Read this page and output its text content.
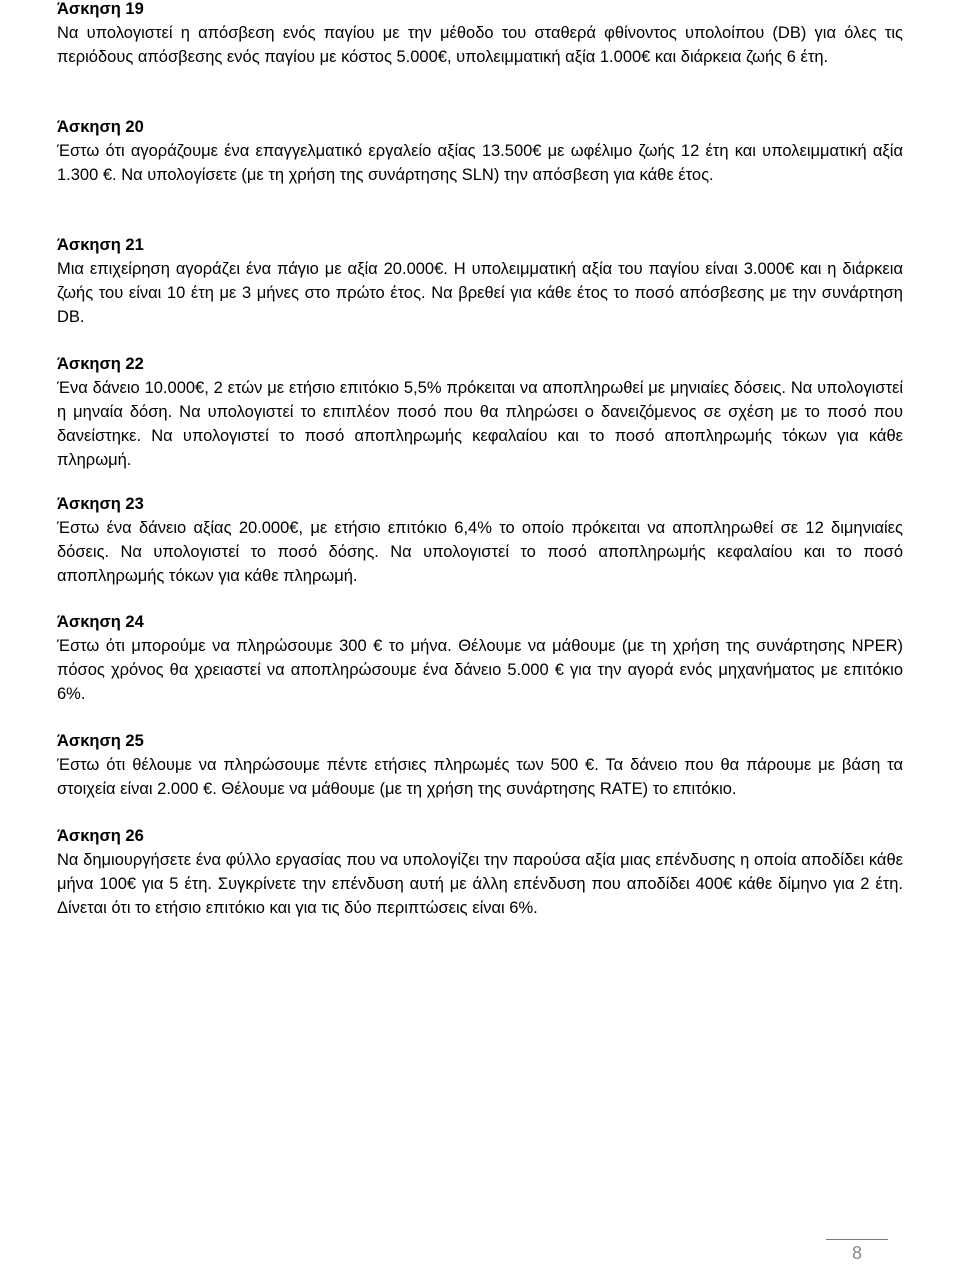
Άσκηση 19

Να υπολογιστεί η απόσβεση ενός παγίου με την μέθοδο του σταθερά φθίνοντος υπολοίπου (DB) για όλες τις περιόδους απόσβεσης ενός παγίου με κόστος 5.000€, υπολειμματική αξία 1.000€ και διάρκεια ζωής 6 έτη.

Άσκηση 20

Έστω ότι αγοράζουμε ένα επαγγελματικό εργαλείο αξίας 13.500€ με ωφέλιμο ζωής 12 έτη και υπολειμματική αξία 1.300 €. Να υπολογίσετε (με τη χρήση της συνάρτησης SLN) την απόσβεση για κάθε έτος.

Άσκηση 21

Μια επιχείρηση αγοράζει ένα πάγιο με αξία 20.000€. Η υπολειμματική αξία του παγίου είναι 3.000€ και η διάρκεια ζωής του είναι 10 έτη με 3 μήνες στο πρώτο έτος. Να βρεθεί για κάθε έτος το ποσό απόσβεσης με την συνάρτηση DB.

Άσκηση 22

Ένα δάνειο 10.000€, 2 ετών με ετήσιο επιτόκιο 5,5% πρόκειται να αποπληρωθεί με μηνιαίες δόσεις. Να υπολογιστεί η μηναία δόση. Να υπολογιστεί το επιπλέον ποσό που θα πληρώσει ο δανειζόμενος σε σχέση με το ποσό που δανείστηκε. Να υπολογιστεί το ποσό αποπληρωμής κεφαλαίου και το ποσό αποπληρωμής τόκων για κάθε πληρωμή.

Άσκηση 23

Έστω ένα δάνειο αξίας 20.000€, με ετήσιο επιτόκιο 6,4% το οποίο πρόκειται να αποπληρωθεί σε 12 διμηνιαίες δόσεις. Να υπολογιστεί το ποσό δόσης. Να υπολογιστεί το ποσό αποπληρωμής κεφαλαίου και το ποσό αποπληρωμής τόκων για κάθε πληρωμή.

Άσκηση 24

Έστω ότι μπορούμε να πληρώσουμε 300 € το μήνα. Θέλουμε να μάθουμε (με τη χρήση της συνάρτησης NPER) πόσος χρόνος θα χρειαστεί να αποπληρώσουμε ένα δάνειο 5.000 € για την αγορά ενός μηχανήματος με επιτόκιο 6%.

Άσκηση 25

Έστω ότι θέλουμε να πληρώσουμε πέντε ετήσιες πληρωμές των 500 €. Τα δάνειο που θα πάρουμε με βάση τα στοιχεία είναι 2.000 €. Θέλουμε να μάθουμε (με τη χρήση της συνάρτησης RATE) το επιτόκιο.

Άσκηση 26

Να δημιουργήσετε ένα φύλλο εργασίας που να υπολογίζει την παρούσα αξία μιας επένδυσης η οποία αποδίδει κάθε μήνα 100€ για 5 έτη. Συγκρίνετε την επένδυση αυτή με άλλη επένδυση που αποδίδει 400€ κάθε δίμηνο για 2 έτη. Δίνεται ότι το ετήσιο επιτόκιο και για τις δύο περιπτώσεις είναι 6%.

8
